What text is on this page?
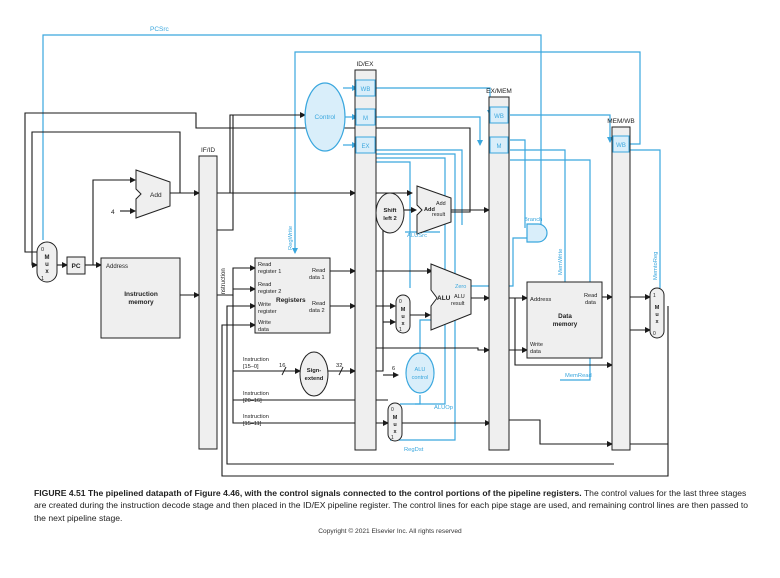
IF/ID
ID/EX
EX/MEM
MEM/WB
WB
M
EX
WB
M	WB
Control
0
M
u
x
1
PC
Add
4
Address
Instruction
memory
Instruction
Read
register 1
Read
register 2
Write
register
Write
data
Read
data 1
Registers Read
data 2
Sign-
extend
16	32
Shift
left 2
Add
Add
result
ALU ALU
result
Zero
0
M
u
x
1
ALU
control
6
0
M
u
x
1
Address
Read
data
Data
memory
Write
data
1
M
u
x
0
Instruction
[15–0]
Instruction
[20–16]
Instruction
[15–11]
PCSrc
RegWrite
Branch
ALUSrc
MemWrite	MemtoReg
MemRead
ALUOp
RegDst
FIGURE 4.51 The pipelined datapath of Figure 4.46, with the control signals connected to the control portions of the pipeline registers. The control values for the last three stages are created during the instruction decode stage and then placed in the ID/EX pipeline register. The control lines for each pipe stage are used, and remaining control lines are then passed to the next pipeline stage.
Copyright © 2021 Elsevier Inc. All rights reserved
